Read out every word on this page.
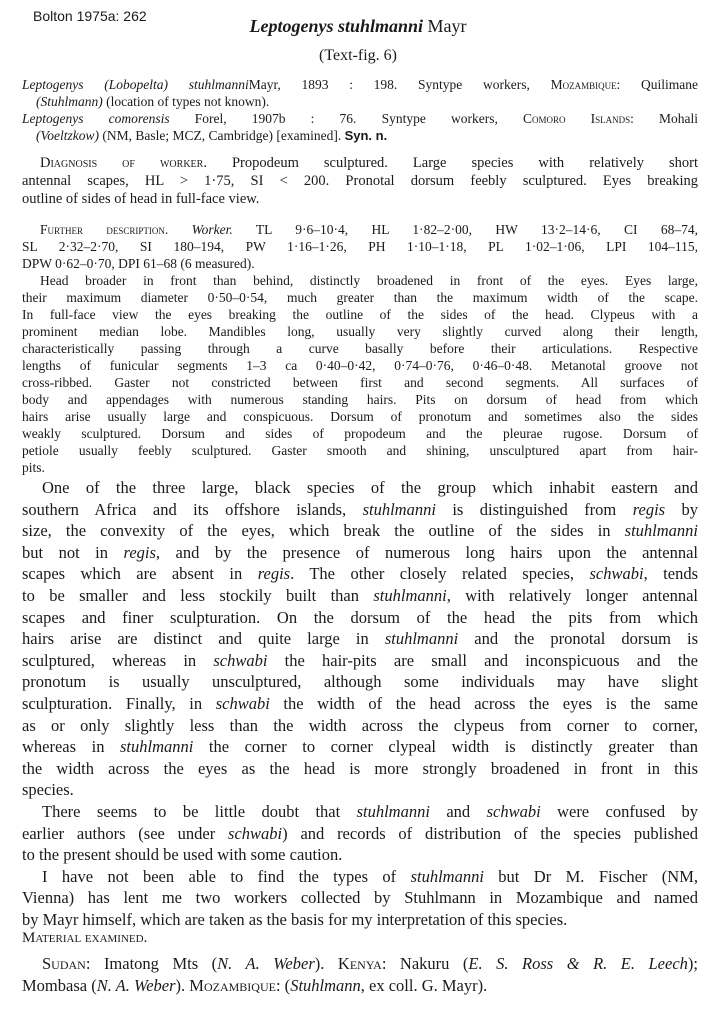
Bolton 1975a: 262	Leptogenys stuhlmanni Mayr
(Text-fig. 6)
Leptogenys (Lobopelta) stuhlmanniMayr, 1893 : 198. Syntype workers, Mozambique: Quilimane
(Stuhlmann) (location of types not known).
Leptogenys comorensis Forel, 1907b : 76. Syntype workers, Comoro Islands: Mohali
(Voeltzkow) (NM, Basle; MCZ, Cambridge) [examined]. Syn. n.
Diagnosis of worker. Propodeum sculptured. Large species with relatively short
antennal scapes, HL > 1·75, SI < 200. Pronotal dorsum feebly sculptured. Eyes breaking
outline of sides of head in full-face view.
Further description. Worker. TL 9·6–10·4, HL 1·82–2·00, HW 13·2–14·6, CI 68–74,
SL 2·32–2·70, SI 180–194, PW 1·16–1·26, PH 1·10–1·18, PL 1·02–1·06, LPI 104–115,
DPW 0·62–0·70, DPI 61–68 (6 measured).
Head broader in front than behind, distinctly broadened in front of the eyes. Eyes large,
their maximum diameter 0·50–0·54, much greater than the maximum width of the scape.
In full-face view the eyes breaking the outline of the sides of the head. Clypeus with a
prominent median lobe. Mandibles long, usually very slightly curved along their length,
characteristically passing through a curve basally before their articulations. Respective
lengths of funicular segments 1–3 ca 0·40–0·42, 0·74–0·76, 0·46–0·48. Metanotal groove not
cross-ribbed. Gaster not constricted between first and second segments. All surfaces of
body and appendages with numerous standing hairs. Pits on dorsum of head from which
hairs arise usually large and conspicuous. Dorsum of pronotum and sometimes also the sides
weakly sculptured. Dorsum and sides of propodeum and the pleurae rugose. Dorsum of
petiole usually feebly sculptured. Gaster smooth and shining, unsculptured apart from hair-
pits.
One of the three large, black species of the group which inhabit eastern and
southern Africa and its offshore islands, stuhlmanni is distinguished from regis by
size, the convexity of the eyes, which break the outline of the sides in stuhlmanni
but not in regis, and by the presence of numerous long hairs upon the antennal
scapes which are absent in regis. The other closely related species, schwabi, tends
to be smaller and less stockily built than stuhlmanni, with relatively longer antennal
scapes and finer sculpturation. On the dorsum of the head the pits from which
hairs arise are distinct and quite large in stuhlmanni and the pronotal dorsum is
sculptured, whereas in schwabi the hair-pits are small and inconspicuous and the
pronotum is usually unsculptured, although some individuals may have slight
sculpturation. Finally, in schwabi the width of the head across the eyes is the same
as or only slightly less than the width across the clypeus from corner to corner,
whereas in stuhlmanni the corner to corner clypeal width is distinctly greater than
the width across the eyes as the head is more strongly broadened in front in this
species.
There seems to be little doubt that stuhlmanni and schwabi were confused by
earlier authors (see under schwabi) and records of distribution of the species published
to the present should be used with some caution.
I have not been able to find the types of stuhlmanni but Dr M. Fischer (NM,
Vienna) has lent me two workers collected by Stuhlmann in Mozambique and named
by Mayr himself, which are taken as the basis for my interpretation of this species.
Material examined.
Sudan: Imatong Mts (N. A. Weber). Kenya: Nakuru (E. S. Ross & R. E. Leech);
Mombasa (N. A. Weber). Mozambique: (Stuhlmann, ex coll. G. Mayr).
